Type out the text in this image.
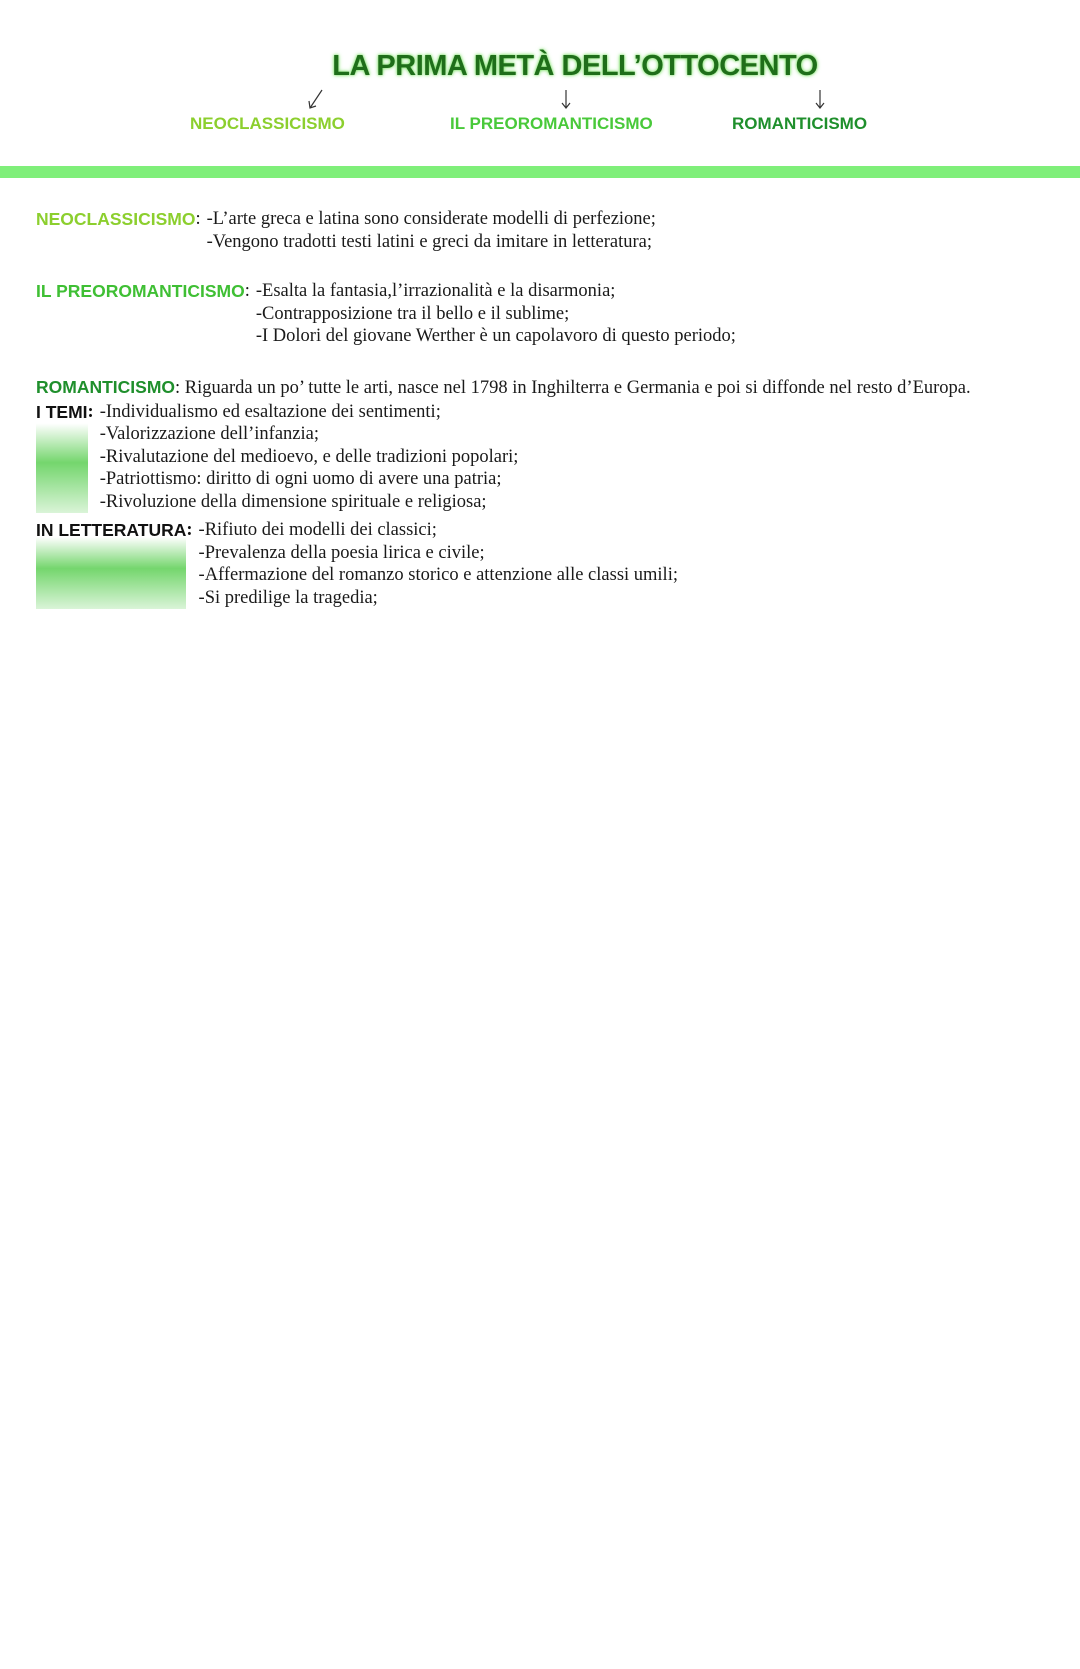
LA PRIMA METÀ DELL’OTTOCENTO
NEOCLASSICISMO	IL PREOROMANTICISMO	ROMANTICISMO
NEOCLASSICISMO : -L’arte greca e latina sono considerate modelli di perfezione;
-Vengono tradotti testi latini e greci da imitare in letteratura;
IL PREOROMANTICISMO : -Esalta la fantasia,l’irrazionalità e la disarmonia;
-Contrapposizione tra il bello e il sublime;
-I Dolori del giovane Werther è un capolavoro di questo periodo;
ROMANTICISMO: Riguarda un po’ tutte le arti, nasce nel 1798 in Inghilterra e Germania e poi si diffonde nel resto d’Europa.
I TEMI : -Individualismo ed esaltazione dei sentimenti;
-Valorizzazione dell’infanzia;
-Rivalutazione del medioevo, e delle tradizioni popolari;
-Patriottismo: diritto di ogni uomo di avere una patria;
-Rivoluzione della dimensione spirituale e religiosa;
IN LETTERATURA : -Rifiuto dei modelli dei classici;
-Prevalenza della poesia lirica e civile;
-Affermazione del romanzo storico e attenzione alle classi umili;
-Si predilige la tragedia;
